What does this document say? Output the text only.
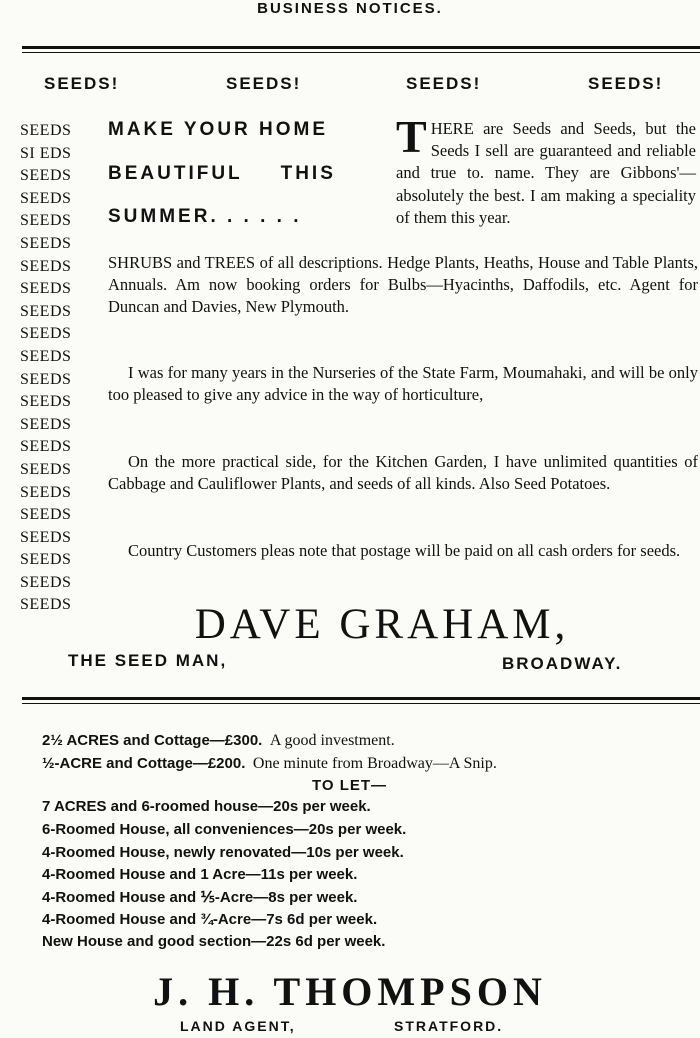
BUSINESS NOTICES.
SEEDS!	SEEDS!	SEEDS!	SEEDS!
SEEDS
SI EDS
SEEDS
SEEDS
SEEDS
SEEDS
SEEDS
SEEDS
SEEDS
SEEDS
SEEDS
SEEDS
SEEDS
SEEDS
SEEDS
SEEDS
SEEDS
SEEDS
SEEDS
SEEDS
SEEDS
SEEDS
MAKE YOUR HOME
BEAUTIFUL THIS
SUMMER. . . . . .
THERE are Seeds and Seeds, but the Seeds I sell are guaranteed and reliable and true to. name. They are Gibbons'—absolutely the best. I am making a speciality of them this year.
SHRUBS and TREES of all descriptions. Hedge Plants, Heaths, House and Table Plants, Annuals. Am now booking orders for Bulbs—Hyacinths, Daffodils, etc. Agent for Duncan and Davies, New Plymouth.
I was for many years in the Nurseries of the State Farm, Moumahaki, and will be only too pleased to give any advice in the way of horticulture,
On the more practical side, for the Kitchen Garden, I have unlimited quantities of Cabbage and Cauliflower Plants, and seeds of all kinds. Also Seed Potatoes.
Country Customers pleas note that postage will be paid on all cash orders for seeds.
DAVE GRAHAM,
THE SEED MAN,	BROADWAY.
2½ ACRES and Cottage—£300. A good investment.
½-ACRE and Cottage—£200. One minute from Broadway—A Snip.
TO LET—
7 ACRES and 6-roomed house—20s per week.
6-Roomed House, all conveniences—20s per week.
4-Roomed House, newly renovated—10s per week.
4-Roomed House and 1 Acre—11s per week.
4-Roomed House and ⅕-Acre—8s per week.
4-Roomed House and ¾-Acre—7s 6d per week.
New House and good section—22s 6d per week.
J. H. THOMPSON
LAND AGENT,	STRATFORD.
